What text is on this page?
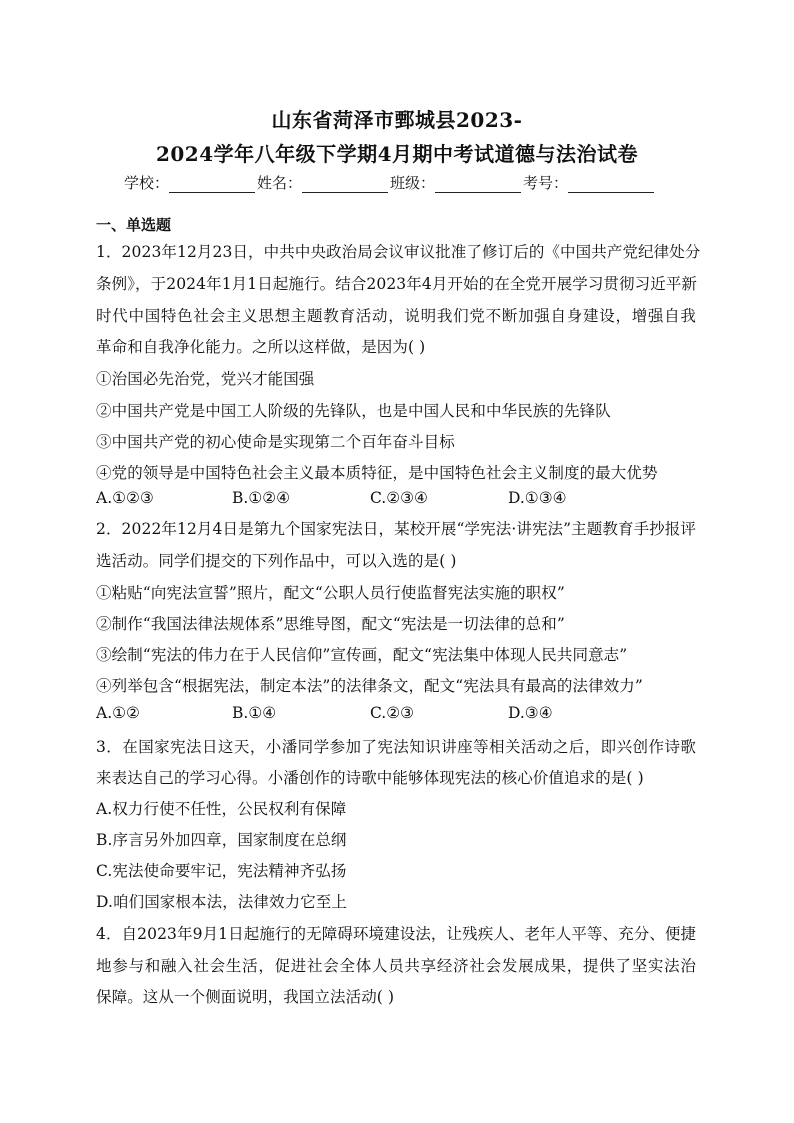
山东省菏泽市鄄城县2023-
2024学年八年级下学期4月期中考试道德与法治试卷
学校：	姓名：	班级：	考号：
一、单选题
1．2023年12月23日，中共中央政治局会议审议批准了修订后的《中国共产党纪律处分
条例》，于2024年1月1日起施行。结合2023年4月开始的在全党开展学习贯彻习近平新
时代中国特色社会主义思想主题教育活动，说明我们党不断加强自身建设，增强自我
革命和自我净化能力。之所以这样做，是因为( )
①治国必先治党，党兴才能国强
②中国共产党是中国工人阶级的先锋队，也是中国人民和中华民族的先锋队
③中国共产党的初心使命是实现第二个百年奋斗目标
④党的领导是中国特色社会主义最本质特征，是中国特色社会主义制度的最大优势
A.①②③	B.①②④	C.②③④	D.①③④
2．2022年12月4日是第九个国家宪法日，某校开展“学宪法·讲宪法”主题教育手抄报评
选活动。同学们提交的下列作品中，可以入选的是( )
①粘贴“向宪法宣誓”照片，配文“公职人员行使监督宪法实施的职权”
②制作“我国法律法规体系”思维导图，配文“宪法是一切法律的总和”
③绘制“宪法的伟力在于人民信仰”宣传画，配文“宪法集中体现人民共同意志”
④列举包含“根据宪法，制定本法”的法律条文，配文“宪法具有最高的法律效力”
A.①②	B.①④	C.②③	D.③④
3．在国家宪法日这天，小潘同学参加了宪法知识讲座等相关活动之后，即兴创作诗歌
来表达自己的学习心得。小潘创作的诗歌中能够体现宪法的核心价值追求的是( )
A.权力行使不任性，公民权利有保障
B.序言另外加四章，国家制度在总纲
C.宪法使命要牢记，宪法精神齐弘扬
D.咱们国家根本法，法律效力它至上
4．自2023年9月1日起施行的无障碍环境建设法，让残疾人、老年人平等、充分、便捷
地参与和融入社会生活，促进社会全体人员共享经济社会发展成果，提供了坚实法治
保障。这从一个侧面说明，我国立法活动( )
